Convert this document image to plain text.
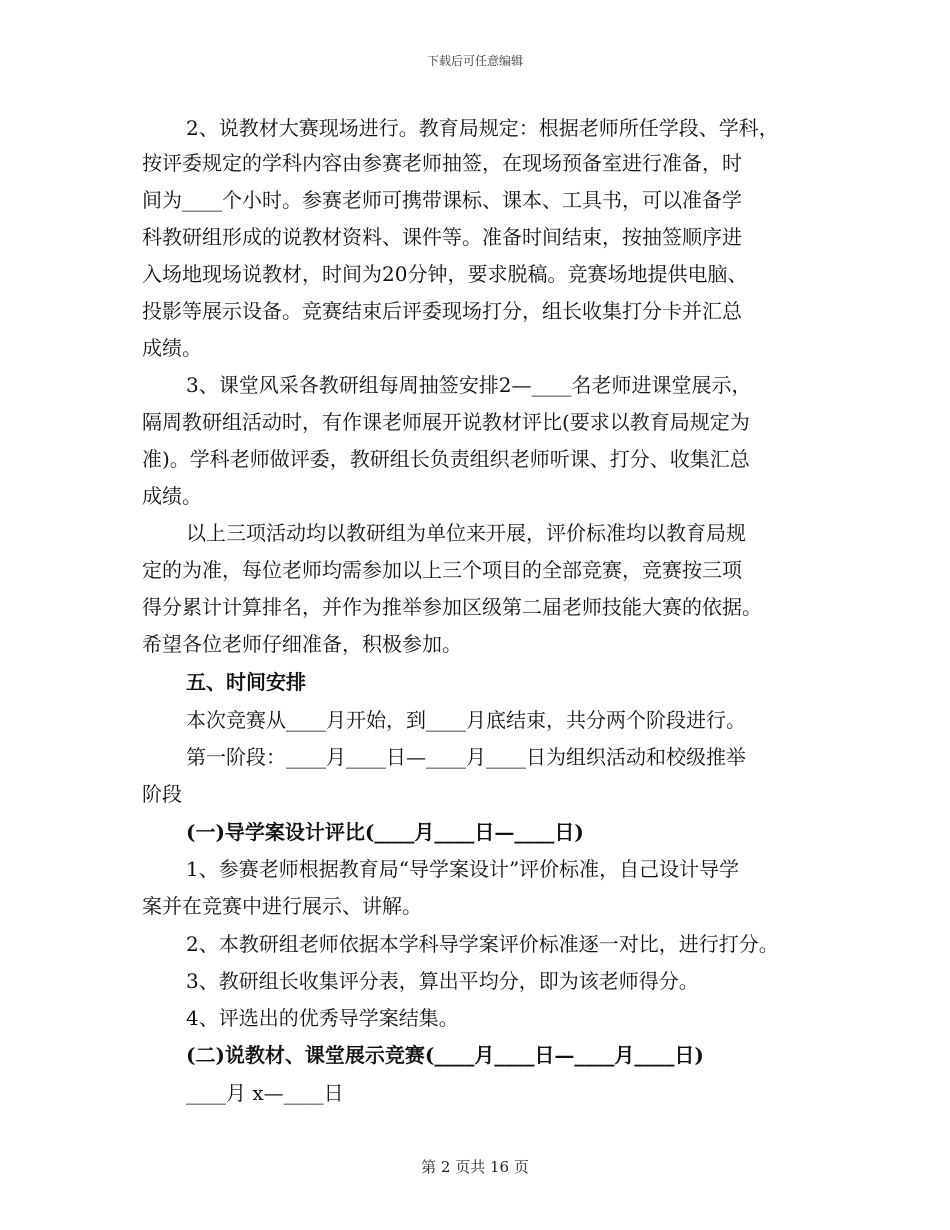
下载后可任意编辑
2、说教材大赛现场进行。教育局规定：根据老师所任学段、学科，
按评委规定的学科内容由参赛老师抽签，在现场预备室进行准备，时
间为____个小时。参赛老师可携带课标、课本、工具书，可以准备学
科教研组形成的说教材资料、课件等。准备时间结束，按抽签顺序进
入场地现场说教材，时间为20分钟，要求脱稿。竞赛场地提供电脑、
投影等展示设备。竞赛结束后评委现场打分，组长收集打分卡并汇总
成绩。
3、课堂风采各教研组每周抽签安排2—____名老师进课堂展示，
隔周教研组活动时，有作课老师展开说教材评比(要求以教育局规定为
准)。学科老师做评委，教研组长负责组织老师听课、打分、收集汇总
成绩。
以上三项活动均以教研组为单位来开展，评价标准均以教育局规
定的为准，每位老师均需参加以上三个项目的全部竞赛，竞赛按三项
得分累计计算排名，并作为推举参加区级第二届老师技能大赛的依据。
希望各位老师仔细准备，积极参加。
五、时间安排
本次竞赛从____月开始，到____月底结束，共分两个阶段进行。
第一阶段：____月____日—____月____日为组织活动和校级推举
阶段
(一)导学案设计评比(____月____日—____日)
1、参赛老师根据教育局“导学案设计”评价标准，自己设计导学
案并在竞赛中进行展示、讲解。
2、本教研组老师依据本学科导学案评价标准逐一对比，进行打分。
3、教研组长收集评分表，算出平均分，即为该老师得分。
4、评选出的优秀导学案结集。
(二)说教材、课堂展示竞赛(____月____日—____月____日)
____月 x—____日
第 2 页共 16 页
